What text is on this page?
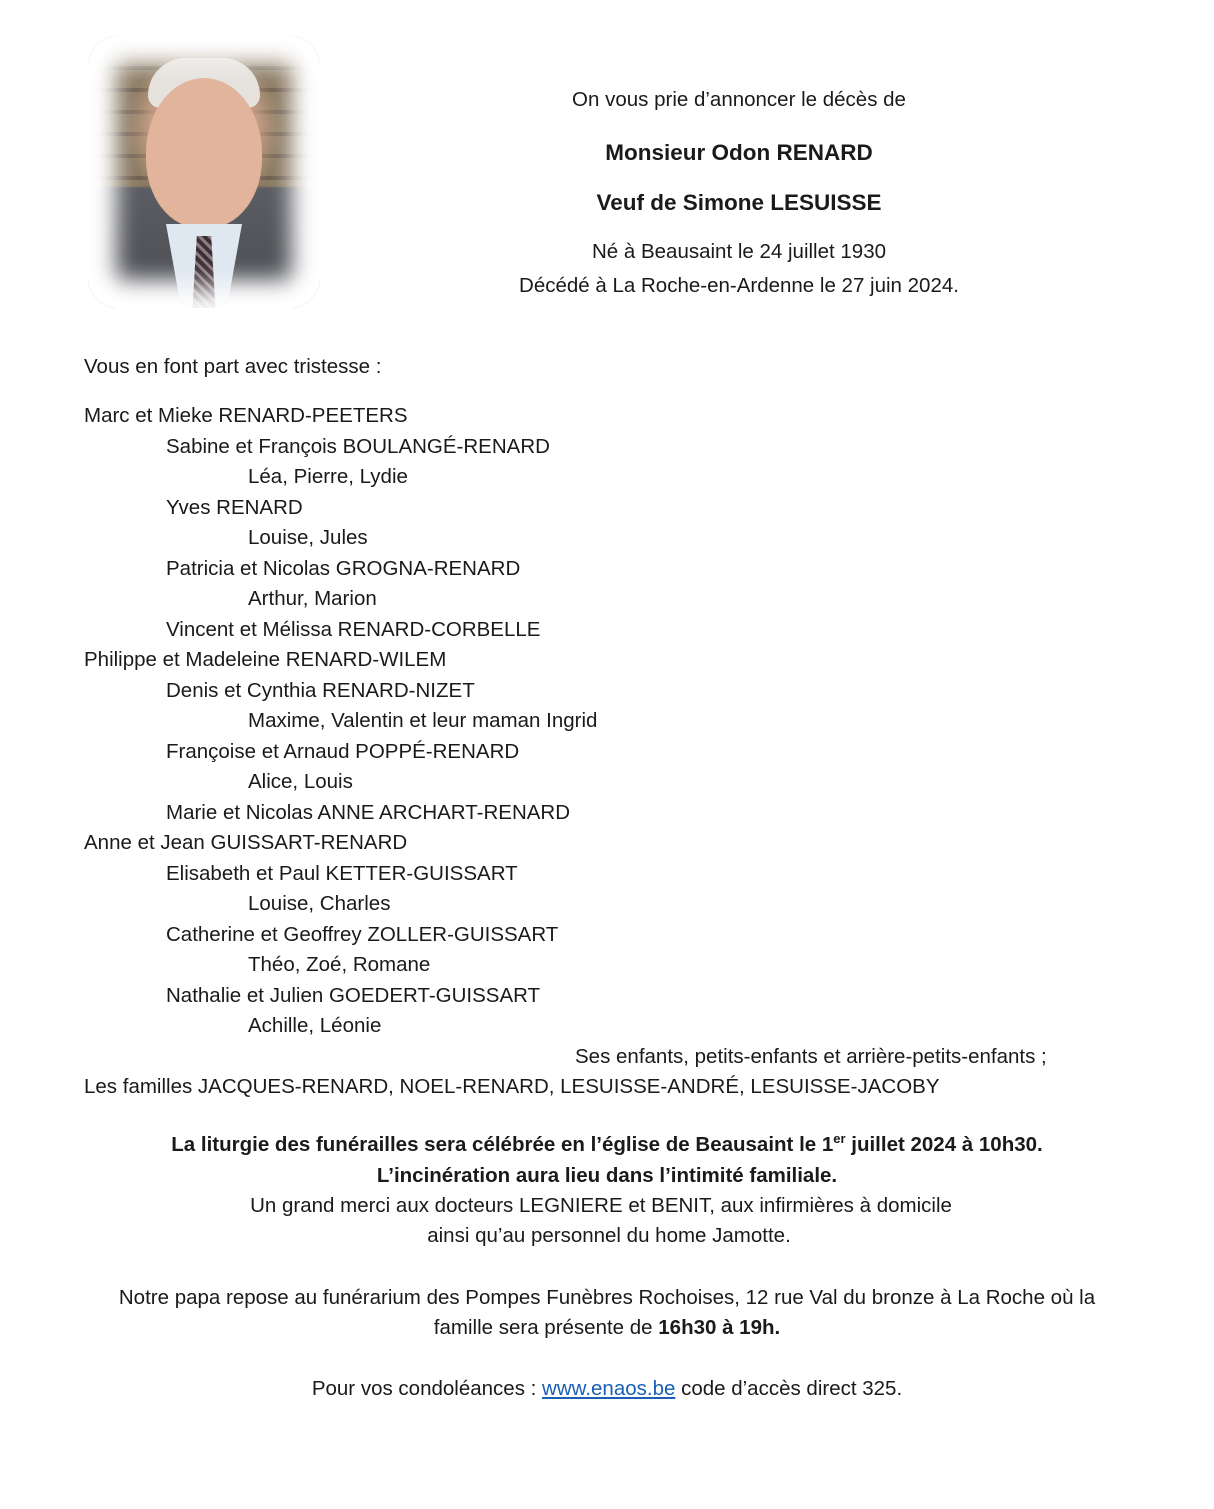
On vous prie d’annoncer le décès de
Monsieur Odon RENARD
Veuf de Simone LESUISSE
Né à Beausaint le 24 juillet 1930
Décédé à La Roche-en-Ardenne le 27 juin 2024.
Vous en font part avec tristesse :
Marc et Mieke RENARD-PEETERS
Sabine et François BOULANGÉ-RENARD
Léa, Pierre, Lydie
Yves RENARD
Louise, Jules
Patricia et Nicolas GROGNA-RENARD
Arthur, Marion
Vincent et Mélissa RENARD-CORBELLE
Philippe et Madeleine RENARD-WILEM
Denis et Cynthia RENARD-NIZET
Maxime, Valentin et leur maman Ingrid
Françoise et Arnaud POPPÉ-RENARD
Alice, Louis
Marie et Nicolas ANNE ARCHART-RENARD
Anne et Jean GUISSART-RENARD
Elisabeth et Paul KETTER-GUISSART
Louise, Charles
Catherine et Geoffrey ZOLLER-GUISSART
Théo, Zoé, Romane
Nathalie et Julien GOEDERT-GUISSART
Achille, Léonie
Ses enfants, petits-enfants et arrière-petits-enfants ;
Les familles JACQUES-RENARD, NOEL-RENARD, LESUISSE-ANDRÉ, LESUISSE-JACOBY
La liturgie des funérailles sera célébrée en l’église de Beausaint le 1er juillet 2024 à 10h30.
L’incinération aura lieu dans l’intimité familiale.
Un grand merci aux docteurs LEGNIERE et BENIT, aux infirmières à domicile
ainsi qu’au personnel du home Jamotte.
Notre papa repose au funérarium des Pompes Funèbres Rochoises, 12 rue Val du bronze à La Roche où la
famille sera présente de 16h30 à 19h.
Pour vos condoléances : www.enaos.be code d’accès direct 325.
